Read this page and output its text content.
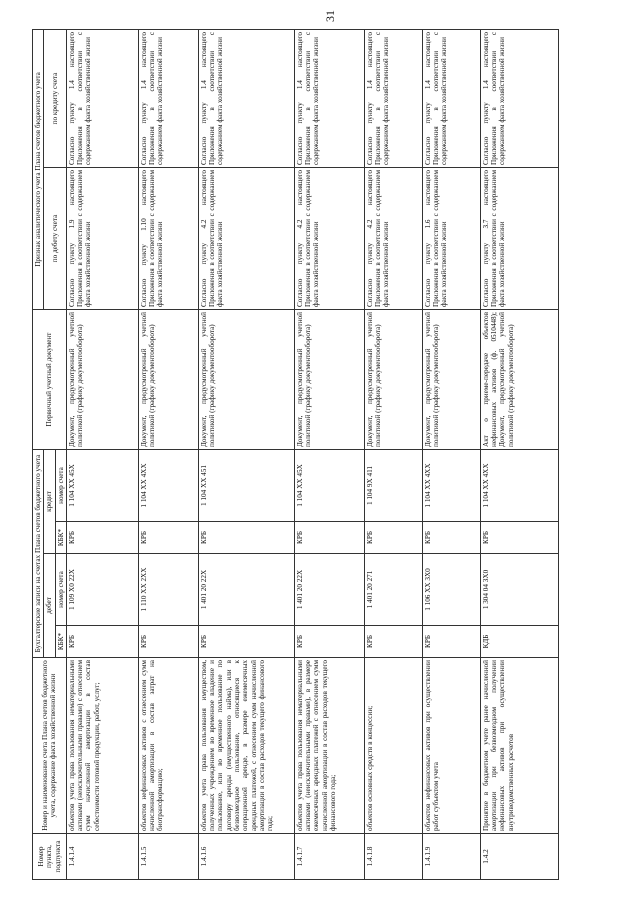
31
Номер пункта, подпункта	Номер и наименование счета Плана счетов бюджетного учета, содержание факта хозяйственной жизни	Бухгалтерские записи на счетах Плана счетов бюджетного учета				Первичный учетный документ	Признак аналитического учета Плана счетов бюджетного учета	
		дебет		кредит			по дебету счета	по кредиту счета
		КБК*	номер счета	КБК*	номер счета			
1.4.1.4	объектов учета права пользования нематериальными активами (неисключительными правами) с отнесением сумм начисленной амортизации в состав себестоимости готовой продукции, работ, услуг;	КРБ	1 109 X0 22X	КРБ	1 104 XX 45X	Документ, предусмотренный учетной политикой (графику документооборота)	Согласно пункту 1.9 настоящего Приложения в соответствии с содержанием факта хозяйственной жизни	Согласно пункту 1.4 настоящего Приложения в соответствии с содержанием факта хозяйственной жизни
1.4.1.5	объектов нефинансовых активов с отнесением сумм начисленной амортизации в состав затрат на биотрансформацию;	КРБ	1 110 XX 2XX	КРБ	1 104 XX 4XX	Документ, предусмотренный учетной политикой (графику документооборота)	Согласно пункту 1.10 настоящего Приложения в соответствии с содержанием факта хозяйственной жизни	Согласно пункту 1.4 настоящего Приложения в соответствии с содержанием факта хозяйственной жизни
1.4.1.6	объектов учета права пользования имуществом, полученных учреждением во временное владение и пользование, или во временное пользование по договору аренды (имущественного найма), или в безвозмездное пользование, относящиеся к операционной аренде, в размере ежемесячных арендных платежей, с отнесением сумм начисленной амортизации в состав расходов текущего финансового года;	КРБ	1 401 20 22X	КРБ	1 104 XX 451	Документ, предусмотренный учетной политикой (графику документооборота)	Согласно пункту 4.2 настоящего Приложения в соответствии с содержанием факта хозяйственной жизни	Согласно пункту 1.4 настоящего Приложения в соответствии с содержанием факта хозяйственной жизни
1.4.1.7	объектов учета права пользования нематериальными активами (неисключительными правами), в размере ежемесячных арендных платежей с отнесением сумм начисленной амортизации в состав расходов текущего финансового года;	КРБ	1 401 20 22X	КРБ	1 104 XX 45X	Документ, предусмотренный учетной политикой (графику документооборота)	Согласно пункту 4.2 настоящего Приложения в соответствии с содержанием факта хозяйственной жизни	Согласно пункту 1.4 настоящего Приложения в соответствии с содержанием факта хозяйственной жизни
1.4.1.8	объектов основных средств в концессии;	КРБ	1 401 20 271	КРБ	1 104 9X 411	Документ, предусмотренный учетной политикой (графику документооборота)	Согласно пункту 4.2 настоящего Приложения в соответствии с содержанием факта хозяйственной жизни	Согласно пункту 1.4 настоящего Приложения в соответствии с содержанием факта хозяйственной жизни
1.4.1.9	объектов нефинансовых активов при осуществлении работ субъектом учета	КРБ	1 106 XX 3X0	КРБ	1 104 XX 4XX	Документ, предусмотренный учетной политикой (графику документооборота)	Согласно пункту 1.6 настоящего Приложения в соответствии с содержанием факта хозяйственной жизни	Согласно пункту 1.4 настоящего Приложения в соответствии с содержанием факта хозяйственной жизни
1.4.2	Принятие в бюджетном учете ранее начисленной амортизации при безвозмездном получении нефинансовых активов при осуществлении внутриведомственных расчетов	КДБ	1 304 04 3X0	КРБ	1 104 XX 4XX	Акт о приеме-передаче объектов нефинансовых активов (ф. 0510448); Документ, предусмотренный учетной политикой (графику документооборота)	Согласно пункту 3.7 настоящего Приложения в соответствии с содержанием факта хозяйственной жизни	Согласно пункту 1.4 настоящего Приложения в соответствии с содержанием факта хозяйственной жизни
